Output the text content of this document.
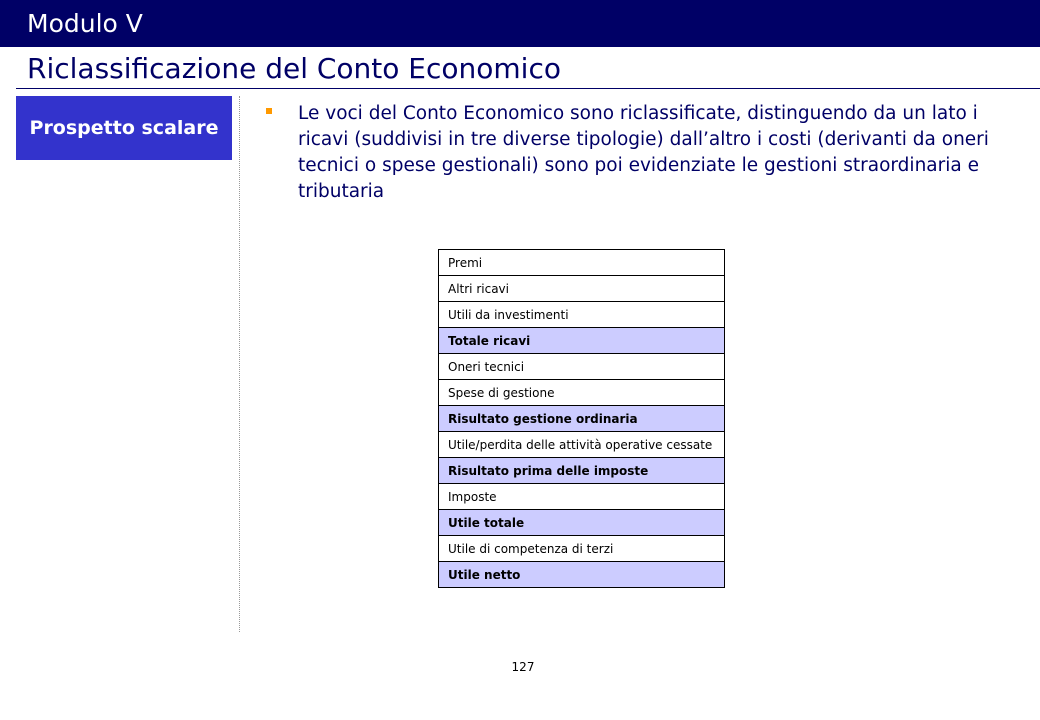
Modulo V
Riclassificazione del Conto Economico
Prospetto scalare
Le voci del Conto Economico sono riclassificate, distinguendo da un lato i ricavi (suddivisi in tre diverse tipologie) dall’altro i costi (derivanti da oneri tecnici o spese gestionali) sono poi evidenziate le gestioni straordinaria e tributaria
Premi
Altri ricavi
Utili da investimenti
Totale ricavi
Oneri tecnici
Spese di gestione
Risultato gestione ordinaria
Utile/perdita delle attività operative cessate
Risultato prima delle imposte
Imposte
Utile totale
Utile di competenza di terzi
Utile netto
127
